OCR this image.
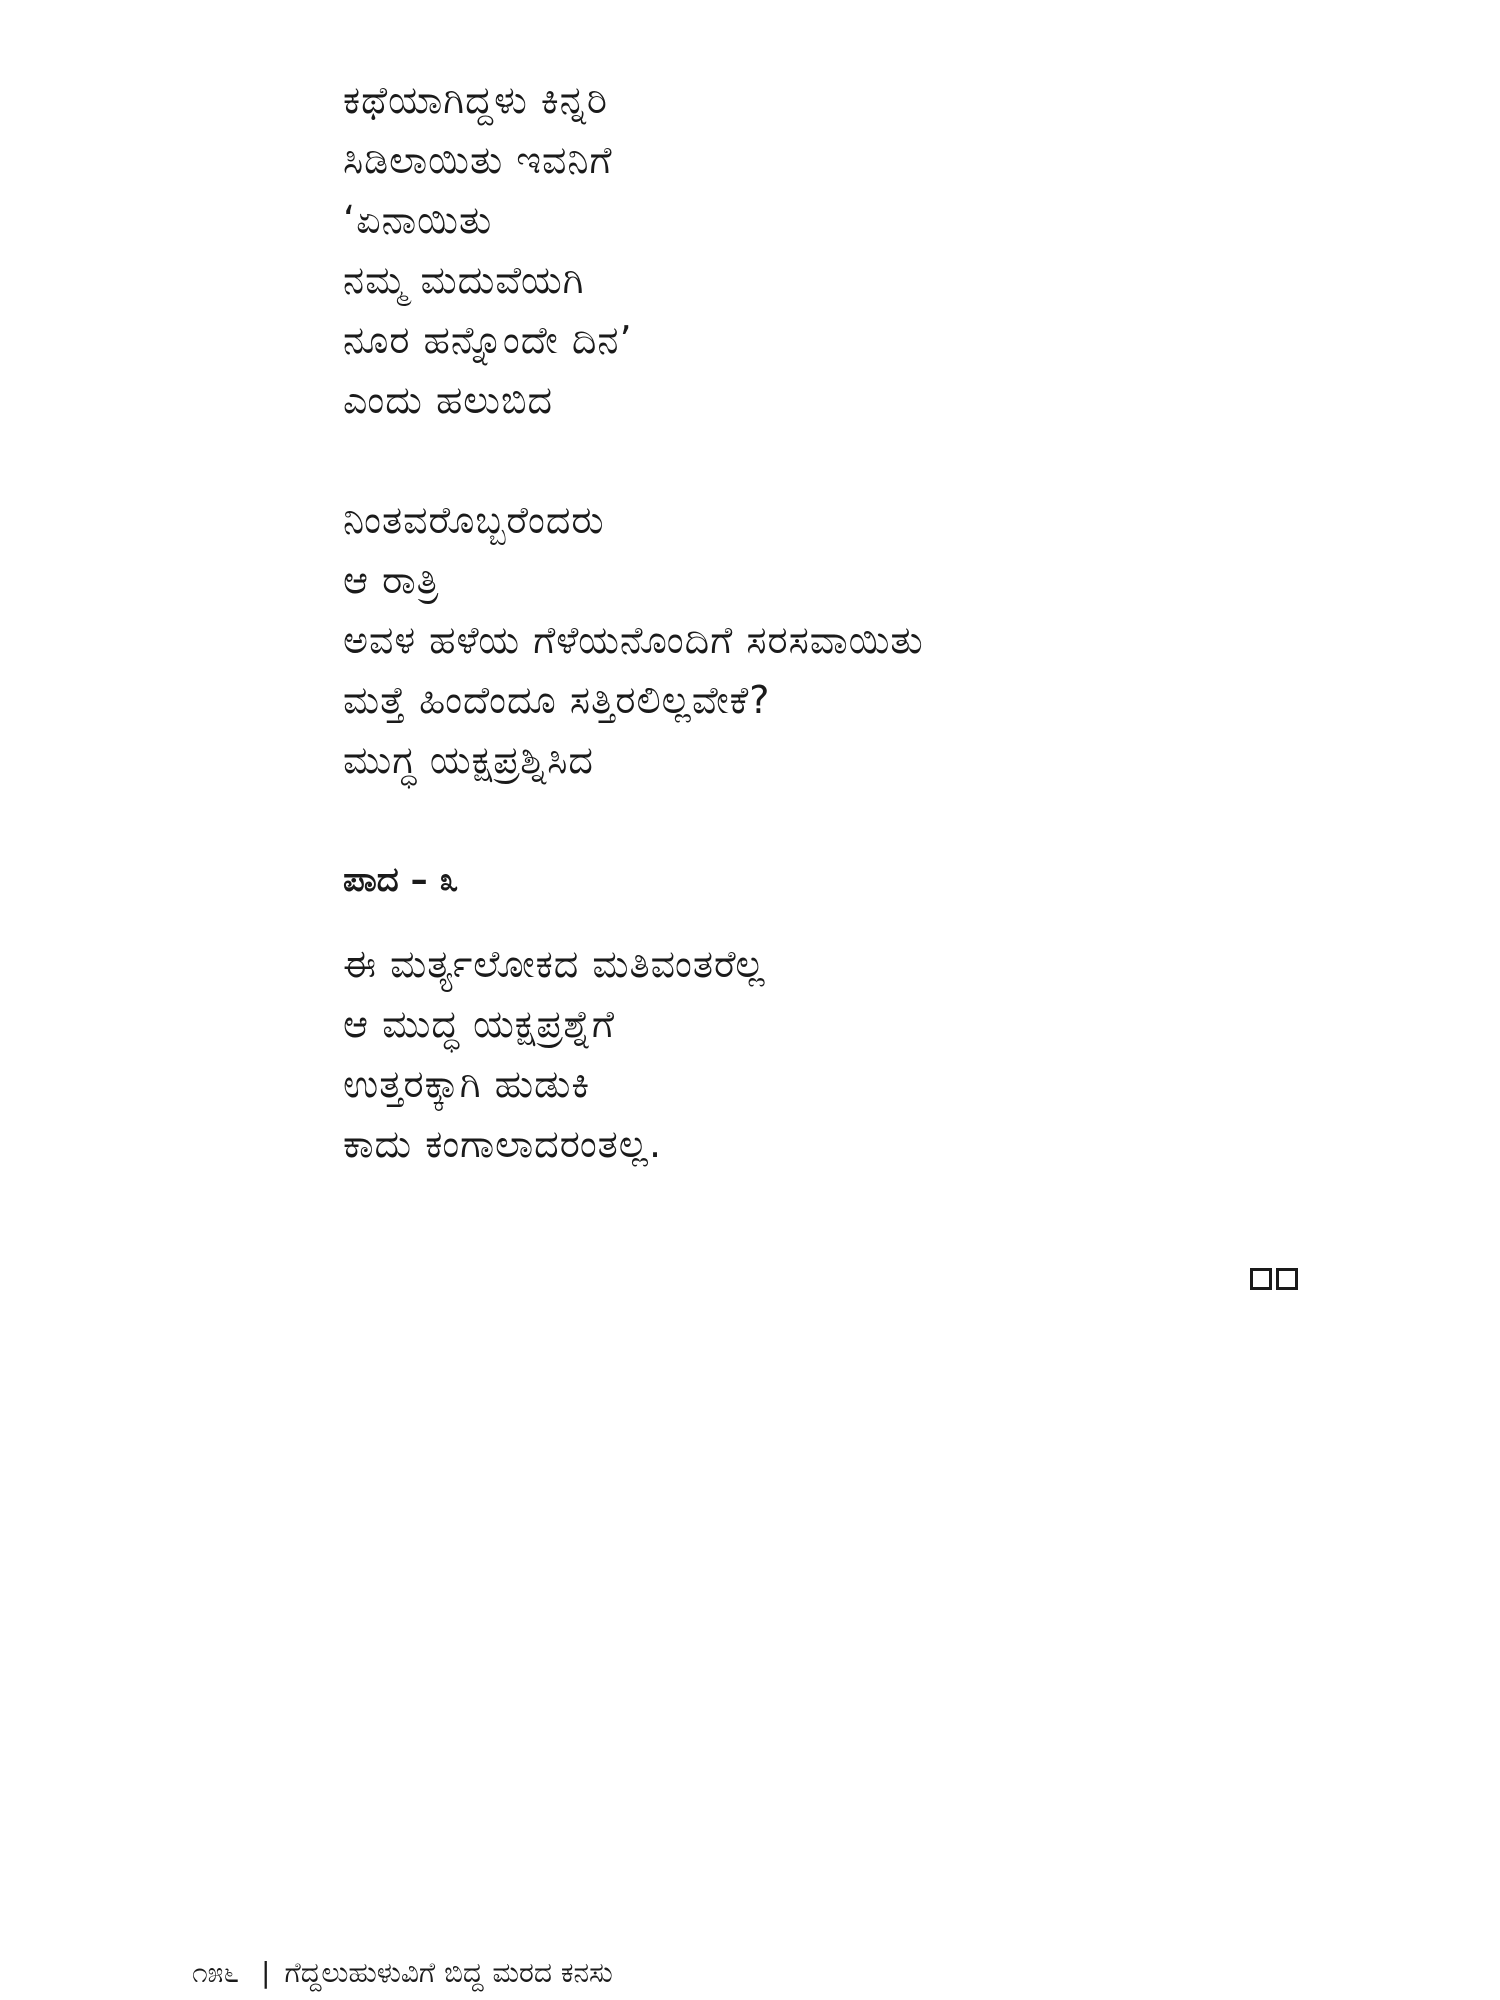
ಕಥೆಯಾಗಿದ್ದಳು ಕಿನ್ನರಿ
ಸಿಡಿಲಾಯಿತು ಇವನಿಗೆ
‘ಏನಾಯಿತು
ನಮ್ಮ ಮದುವೆಯಗಿ
ನೂರ ಹನ್ನೊಂದೇ ದಿನ’
ಎಂದು ಹಲುಬಿದ
ನಿಂತವರೊಬ್ಬರೆಂದರು
ಆ ರಾತ್ರಿ
ಅವಳ ಹಳೆಯ ಗೆಳೆಯನೊಂದಿಗೆ ಸರಸವಾಯಿತು
ಮತ್ತೆ ಹಿಂದೆಂದೂ ಸತ್ತಿರಲಿಲ್ಲವೇಕೆ?
ಮುಗ್ಧ ಯಕ್ಷಪ್ರಶ್ನಿಸಿದ
ಪಾದ – ೩
ಈ ಮರ್ತ್ಯಲೋಕದ ಮತಿವಂತರೆಲ್ಲ
ಆ ಮುದ್ಧ ಯಕ್ಷಪ್ರಶ್ನೆಗೆ
ಉತ್ತರಕ್ಕಾಗಿ ಹುಡುಕಿ
ಕಾದು ಕಂಗಾಲಾದರಂತಲ್ಲ.
೧೫೬ | ಗೆದ್ದಲುಹುಳುವಿಗೆ ಬಿದ್ದ ಮರದ ಕನಸು
